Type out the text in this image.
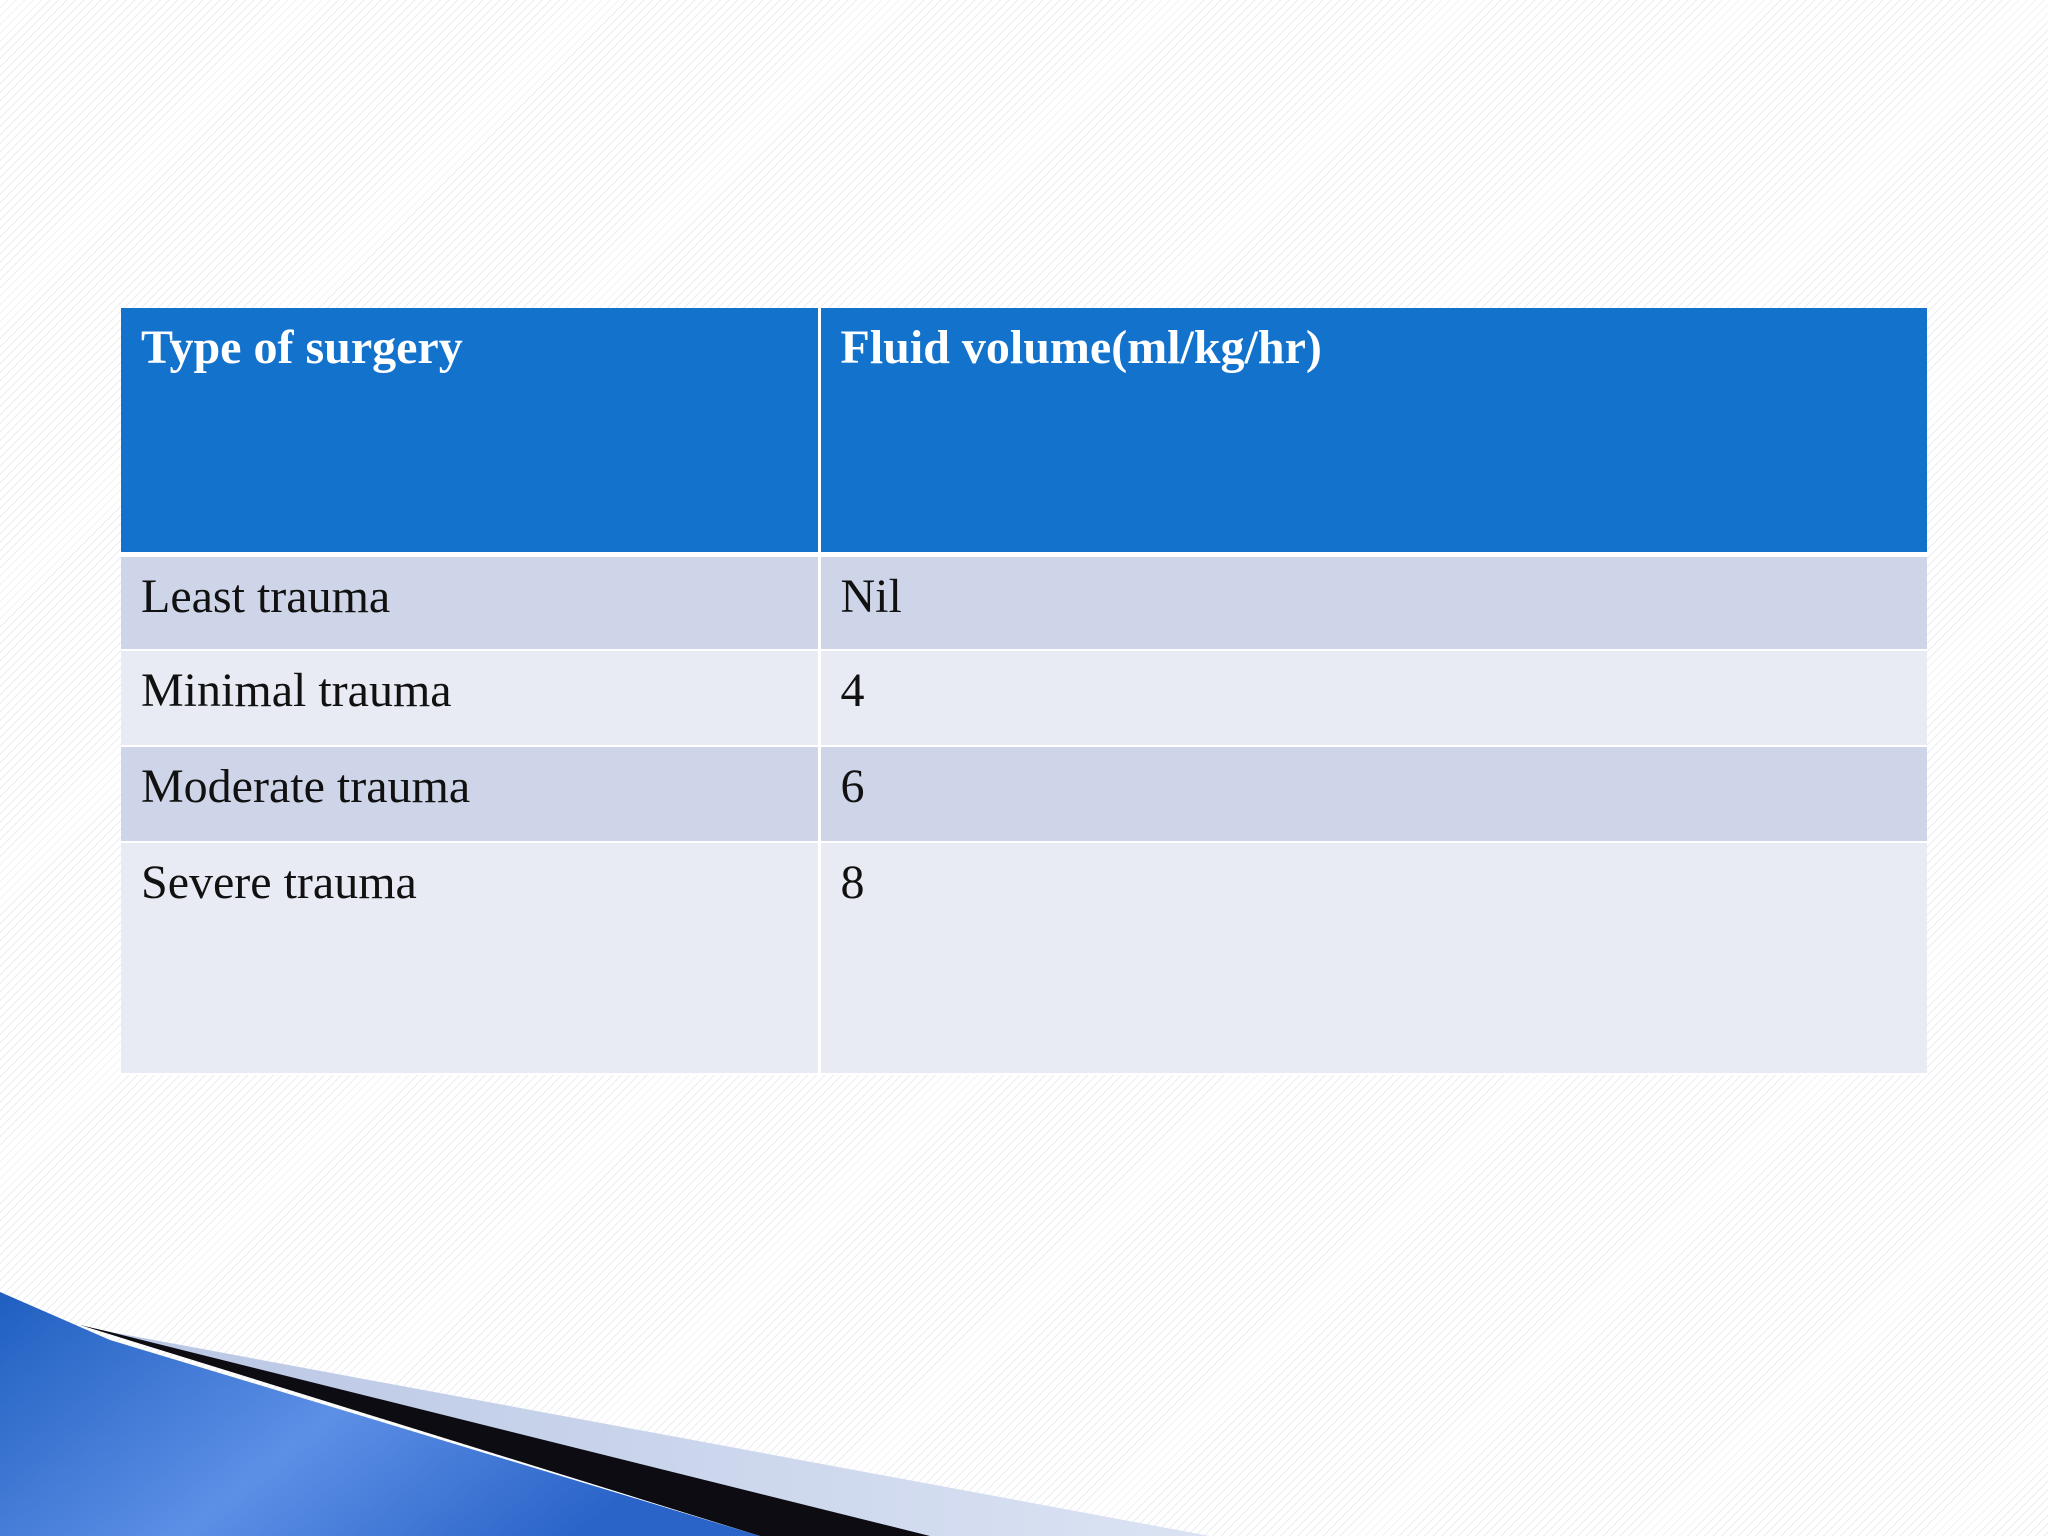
Type of surgery	Fluid volume(ml/kg/hr)
Least trauma	Nil
Minimal trauma	4
Moderate trauma	6
Severe trauma	8
